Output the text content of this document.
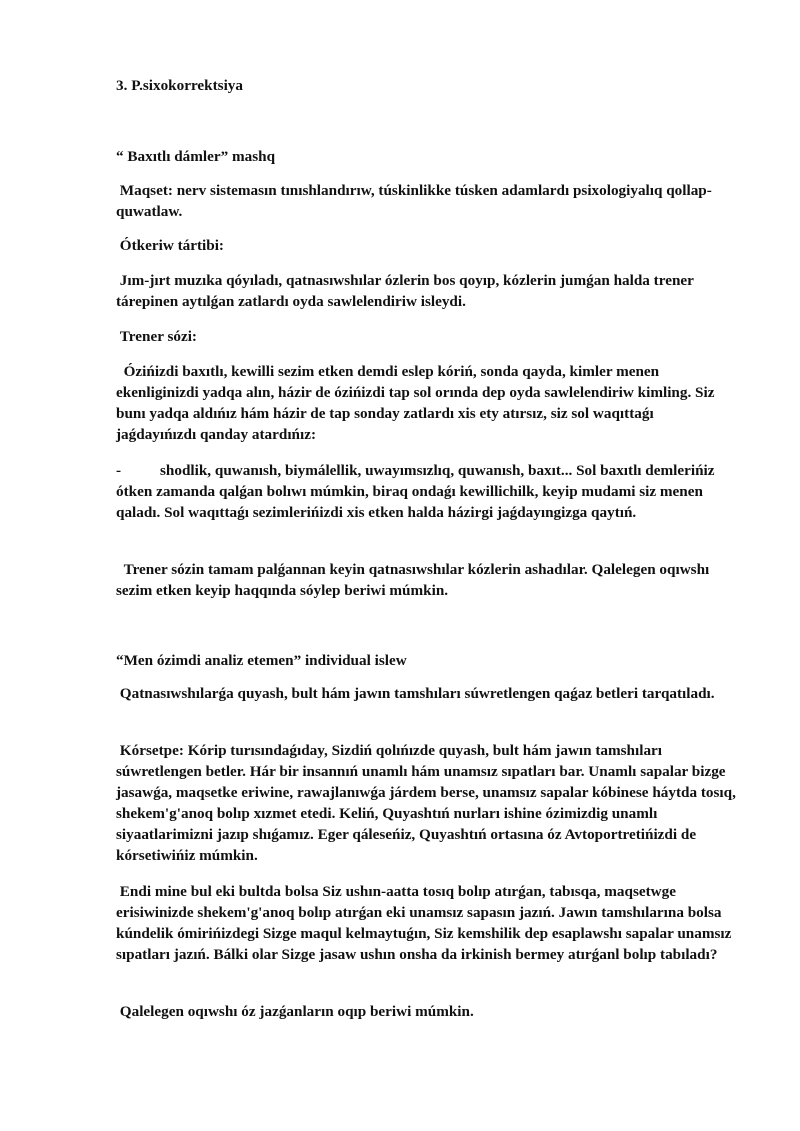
3. P.sixokorrektsiya

“ Baxıtlı dámler” mashq

Maqset: nerv sistemasın tınıshlandırıw, túskinlikke túsken adamlardı psixologiyalıq qollap-quwatlaw.

Ótkeriw tártibi:

Jım-jırt muzıka qóyıladı, qatnasıwshılar ózlerin bos qoyıp, kózlerin jumǵan halda trener tárepinen aytılǵan zatlardı oyda sawlelendiriw isleydi.

Trener sózi:

Ózińizdi baxıtlı, kewilli sezim etken demdi eslep kóriń, sonda qayda, kimler menen ekenliginizdi yadqa alın, házir de ózińizdi tap sol orında dep oyda sawlelendiriw kimling. Siz bunı yadqa aldıńız hám házir de tap sonday zatlardı xis ety atırsız, siz sol waqıttaǵı jaǵdayıńızdı qanday atardıńız:

-	shodlik, quwanısh, biymálellik, uwayımsızlıq, quwanısh, baxıt... Sol baxıtlı demlerińiz ótken zamanda qalǵan bolıwı múmkin, biraq ondaǵı kewillichilk, keyip mudami siz menen qaladı. Sol waqıttaǵı sezimlerińizdi xis etken halda házirgi jaǵdayıngizga qaytıń.

Trener sózin tamam palǵannan keyin qatnasıwshılar kózlerin ashadılar. Qalelegen oqıwshı sezim etken keyip haqqında sóylep beriwi múmkin.

“Men ózimdi analiz etemen” individual islew

Qatnasıwshılarǵa quyash, bult hám jawın tamshıları súwretlengen qaǵaz betleri tarqatıladı.

Kórsetpe: Kórip turısındaǵıday, Sizdiń qolıńızde quyash, bult hám jawın tamshıları súwretlengen betler. Hár bir insannıń unamlı hám unamsız sıpatları bar. Unamlı sapalar bizge jasawǵa, maqsetke eriwine, rawajlanıwǵa járdem berse, unamsız sapalar kóbinese háytda tosıq, shekem'g'anoq bolıp xızmet etedi. Keliń, Quyashtıń nurları ishine ózimizdig unamlı siyaatlarimizni jazıp shıǵamız. Eger qáleseńiz, Quyashtıń ortasına óz Avtoportretińizdi de kórsetiwińiz múmkin.

Endi mine bul eki bultda bolsa Siz ushın-aatta tosıq bolıp atırǵan, tabısqa, maqsetwge erisiwinizde shekem'g'anoq bolıp atırǵan eki unamsız sapasın jazıń. Jawın tamshılarına bolsa kúndelik ómirińizdegi Sizge maqul kelmaytuǵın, Siz kemshilik dep esaplawshı sapalar unamsız sıpatları jazıń. Bálki olar Sizge jasaw ushın onsha da irkinish bermey atırǵanl bolıp tabıladı?

Qalelegen oqıwshı óz jazǵanların oqıp beriwi múmkin.
